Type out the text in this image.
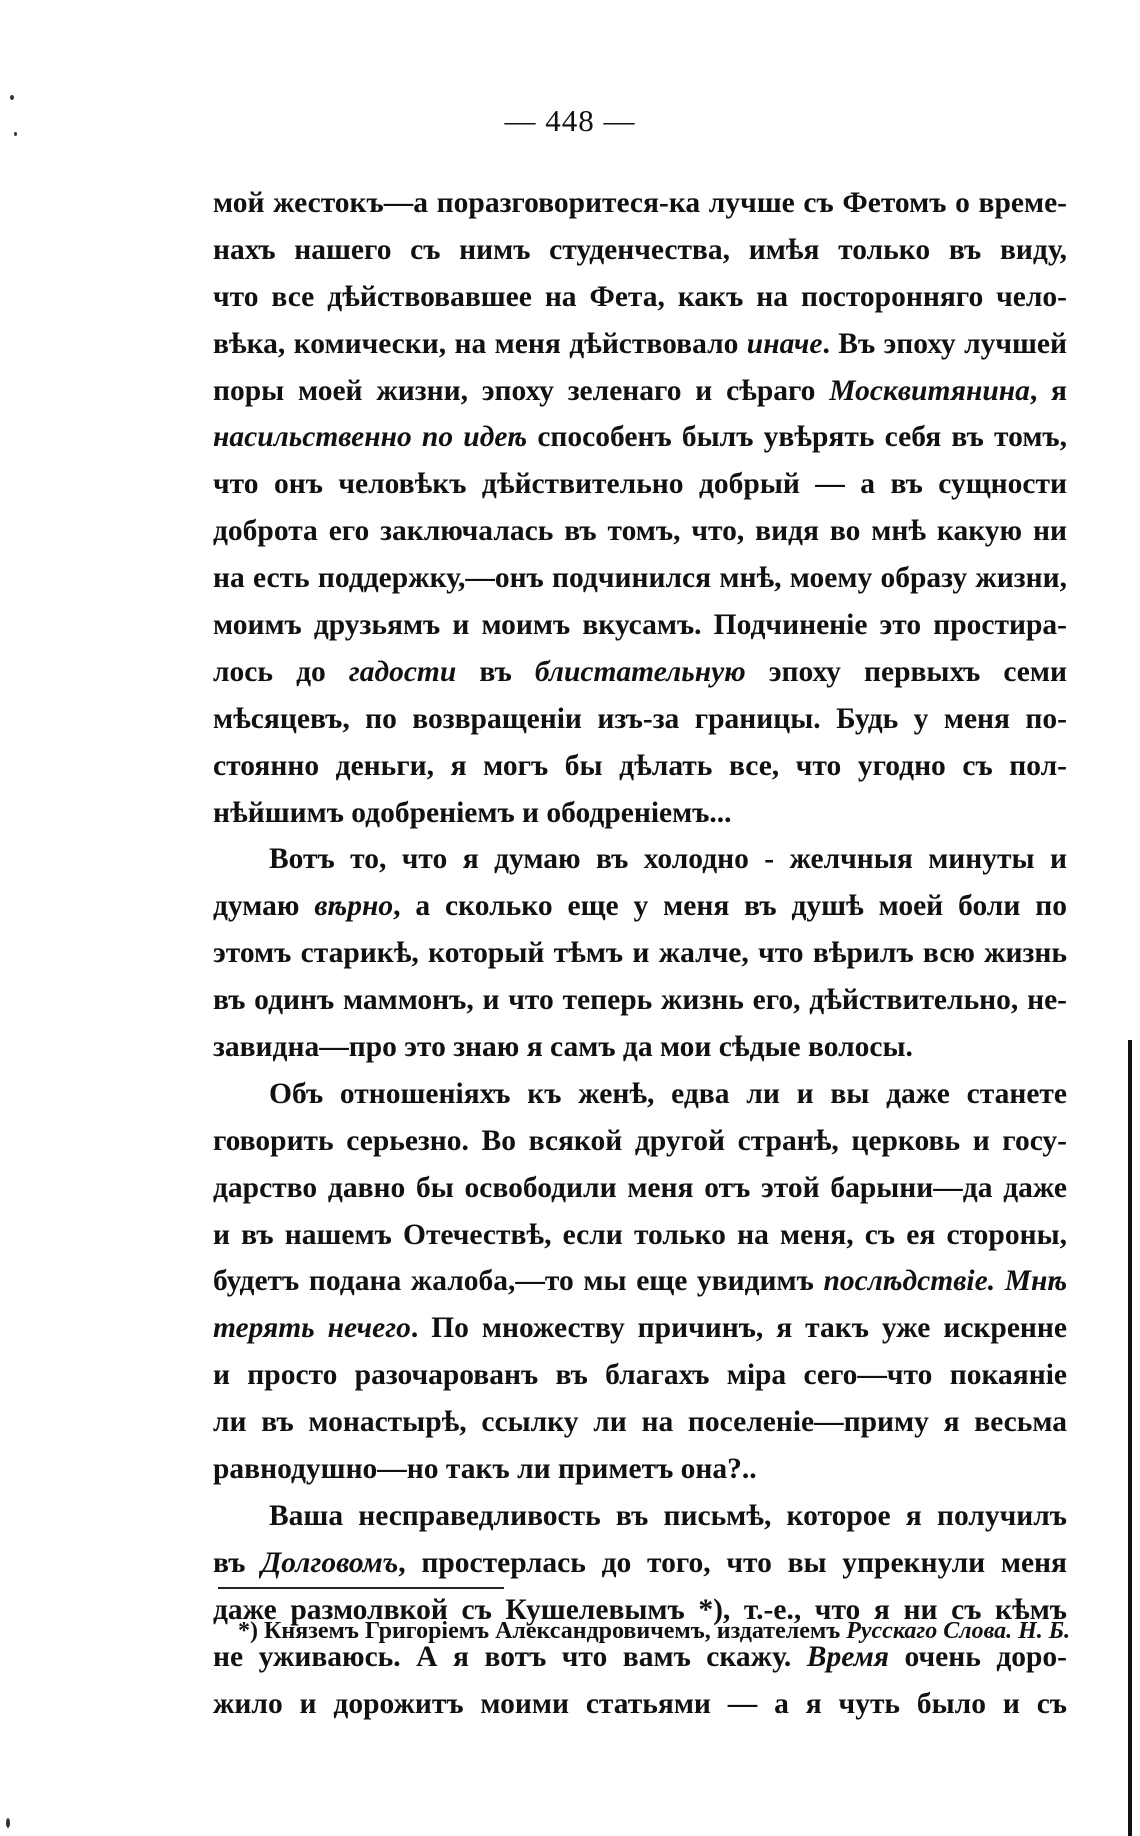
— 448 —
мой жестокъ—а поразговоритеся-ка лучше съ Фетомъ о време-
нахъ нашего съ нимъ студенчества, имѣя только въ виду,
что все дѣйствовавшее на Фета, какъ на посторонняго чело-
вѣка, комически, на меня дѣйствовало иначе. Въ эпоху лучшей
поры моей жизни, эпоху зеленаго и сѣраго Москвитянина, я
насильственно по идеѣ способенъ былъ увѣрять себя въ томъ,
что онъ человѣкъ дѣйствительно добрый — а въ сущности
доброта его заключалась въ томъ, что, видя во мнѣ какую ни
на есть поддержку,—онъ подчинился мнѣ, моему образу жизни,
моимъ друзьямъ и моимъ вкусамъ. Подчиненіе это простира-
лось до гадости въ блистательную эпоху первыхъ семи
мѣсяцевъ, по возвращеніи изъ-за границы. Будь у меня по-
стоянно деньги, я могъ бы дѣлать все, что угодно съ пол-
нѣйшимъ одобреніемъ и ободреніемъ...
Вотъ то, что я думаю въ холодно - желчныя минуты и
думаю вѣрно, а сколько еще у меня въ душѣ моей боли по
этомъ старикѣ, который тѣмъ и жалче, что вѣрилъ всю жизнь
въ одинъ маммонъ, и что теперь жизнь его, дѣйствительно, не-
завидна—про это знаю я самъ да мои сѣдые волосы.
Объ отношеніяхъ къ женѣ, едва ли и вы даже станете
говорить серьезно. Во всякой другой странѣ, церковь и госу-
дарство давно бы освободили меня отъ этой барыни—да даже
и въ нашемъ Отечествѣ, если только на меня, съ ея стороны,
будетъ подана жалоба,—то мы еще увидимъ послѣдствіе. Мнѣ
терять нечего. По множеству причинъ, я такъ уже искренне
и просто разочарованъ въ благахъ міра сего—что покаяніе
ли въ монастырѣ, ссылку ли на поселеніе—приму я весьма
равнодушно—но такъ ли приметъ она?..
Ваша несправедливость въ письмѣ, которое я получилъ
въ Долговомъ, простерлась до того, что вы упрекнули меня
даже размолвкой съ Кушелевымъ *), т.-е., что я ни съ кѣмъ
не уживаюсь. А я вотъ что вамъ скажу. Время очень доро-
жило и дорожитъ моими статьями — а я чуть было и съ
*) Княземъ Григоріемъ Александровичемъ, издателемъ Русскаго Слова. Н. Б.
